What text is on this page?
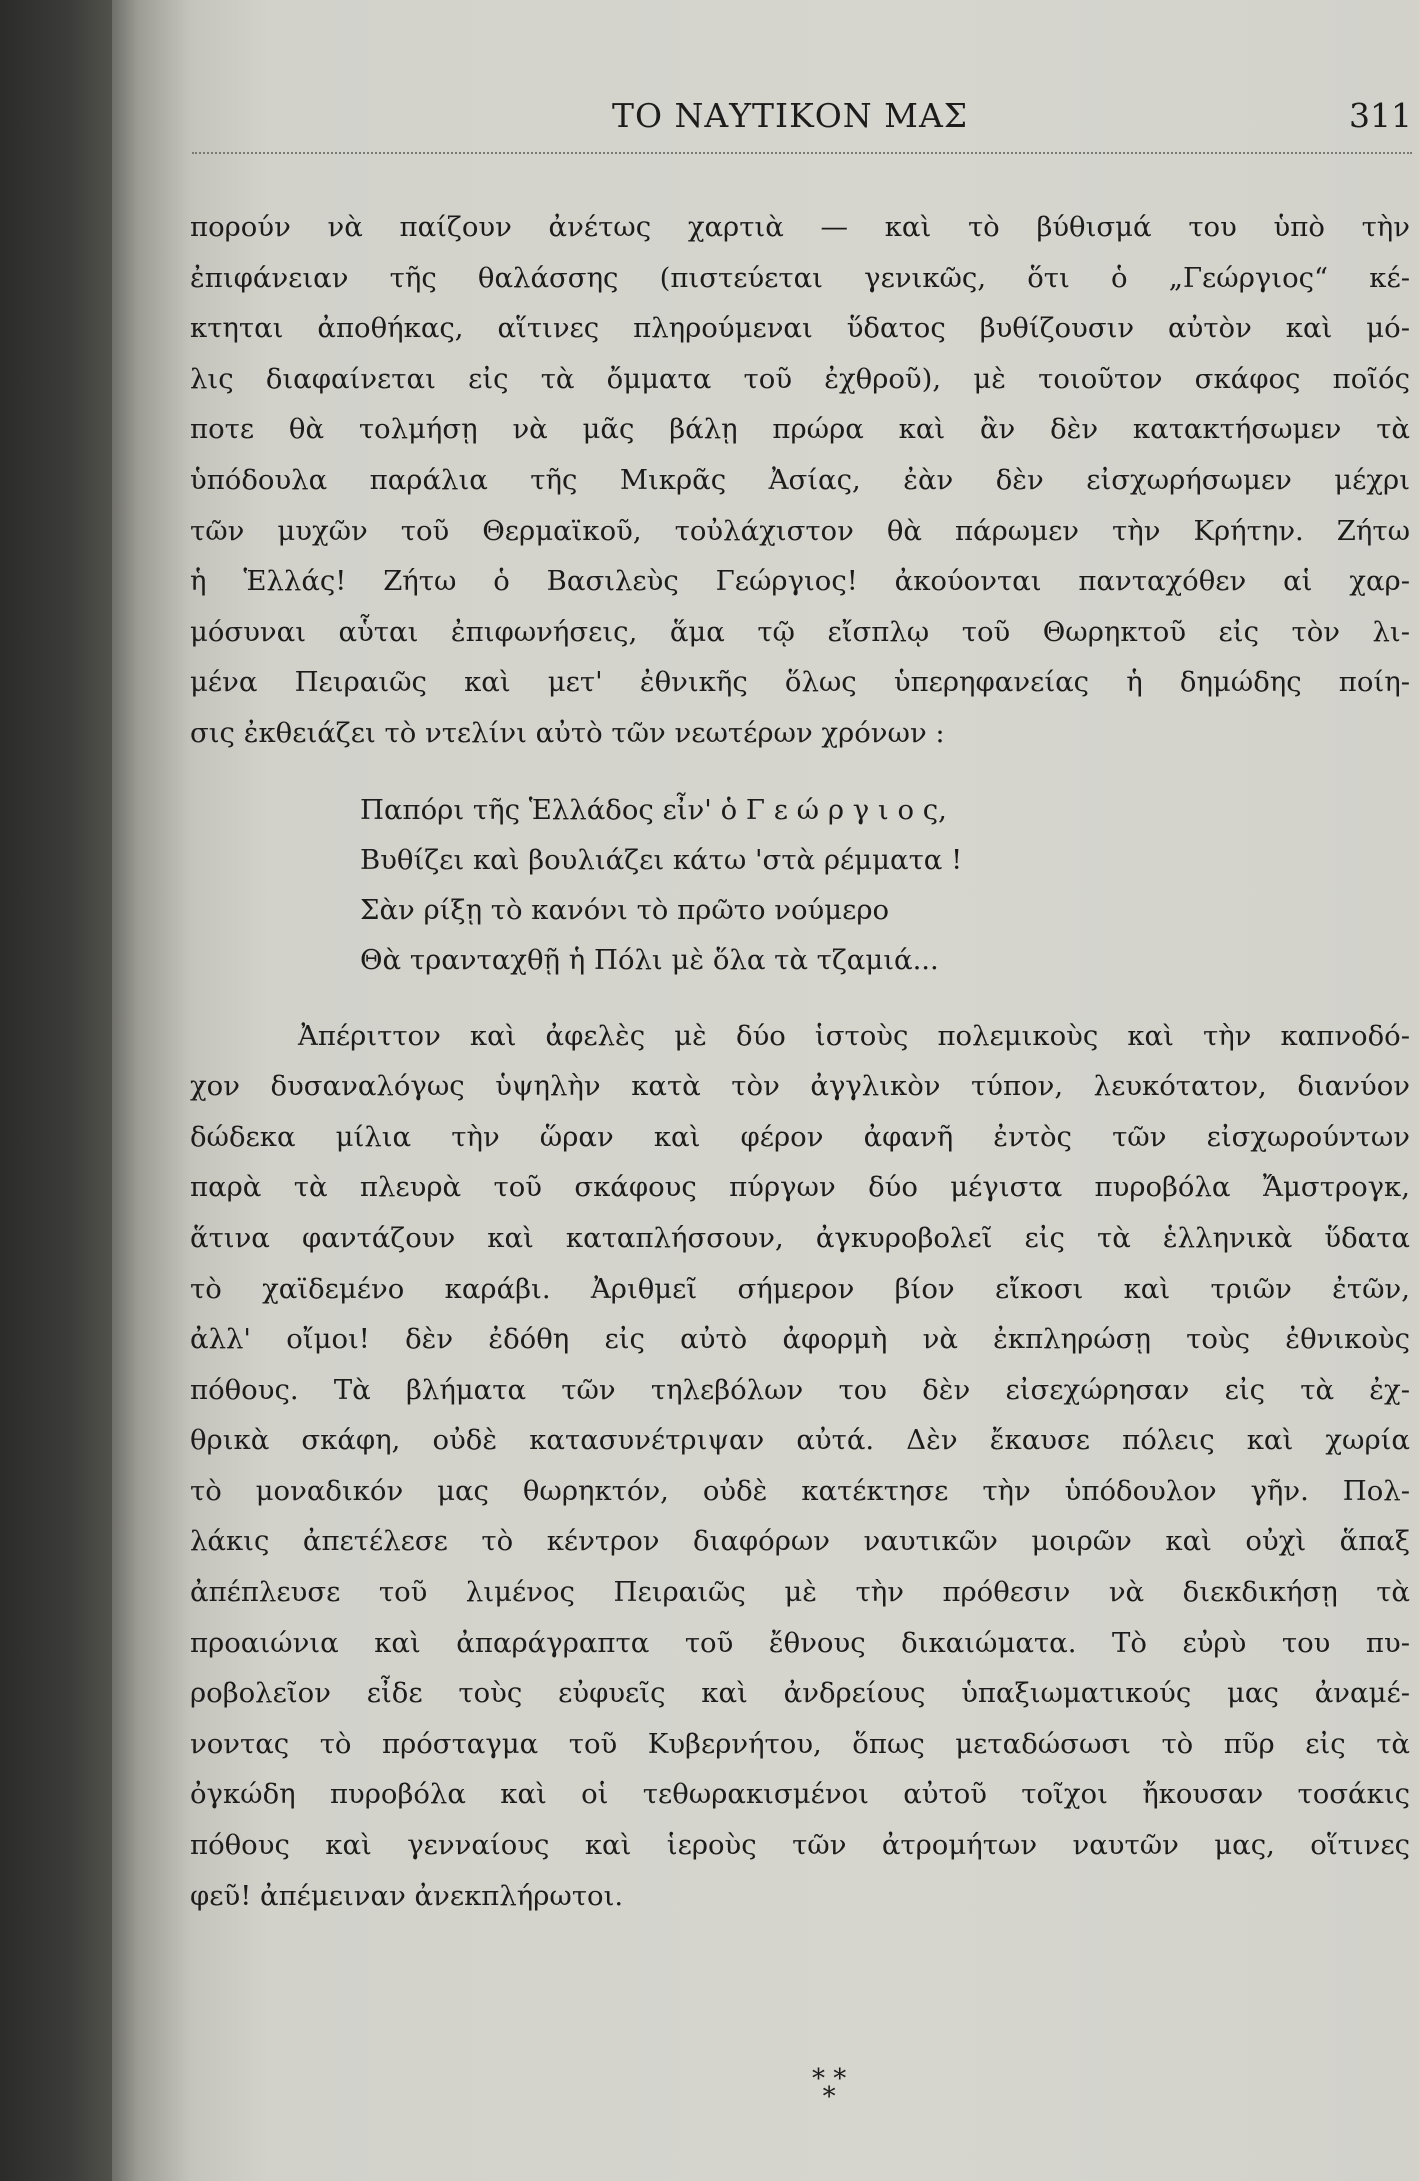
ΤΟ ΝΑΥΤΙΚΟΝ ΜΑΣ	311
πορούν νὰ παίζουν ἀνέτως χαρτιὰ — καὶ τὸ βύθισμά του ὑπὸ τὴν
ἐπιφάνειαν τῆς θαλάσσης (πιστεύεται γενικῶς, ὅτι ὁ „Γεώργιος“ κέ-
κτηται ἀποθήκας, αἵτινες πληρούμεναι ὕδατος βυθίζουσιν αὐτὸν καὶ μό-
λις διαφαίνεται εἰς τὰ ὄμματα τοῦ ἐχθροῦ), μὲ τοιοῦτον σκάφος ποῖός
ποτε θὰ τολμήσῃ νὰ μᾶς βάλῃ πρώρα καὶ ἂν δὲν κατακτήσωμεν τὰ
ὑπόδουλα παράλια τῆς Μικρᾶς Ἀσίας, ἐὰν δὲν εἰσχωρήσωμεν μέχρι
τῶν μυχῶν τοῦ Θερμαϊκοῦ, τοὐλάχιστον θὰ πάρωμεν τὴν Κρήτην. Ζήτω
ἡ Ἑλλάς! Ζήτω ὁ Βασιλεὺς Γεώργιος! ἀκούονται πανταχόθεν αἱ χαρ-
μόσυναι αὗται ἐπιφωνήσεις, ἅμα τῷ εἴσπλῳ τοῦ Θωρηκτοῦ εἰς τὸν λι-
μένα Πειραιῶς καὶ μετ' ἐθνικῆς ὅλως ὑπερηφανείας ἡ δημώδης ποίη-
σις ἐκθειάζει τὸ ντελίνι αὐτὸ τῶν νεωτέρων χρόνων :
Παπόρι τῆς Ἑλλάδος εἶν' ὁ Γ ε ώ ρ γ ι ο ς,
Βυθίζει καὶ βουλιάζει κάτω 'στὰ ρέμματα !
Σὰν ρίξῃ τὸ κανόνι τὸ πρῶτο νούμερο
Θὰ τρανταχθῇ ἡ Πόλι μὲ ὅλα τὰ τζαμιά...
Ἀπέριττον καὶ ἀφελὲς μὲ δύο ἱστοὺς πολεμικοὺς καὶ τὴν καπνοδό-
χον δυσαναλόγως ὑψηλὴν κατὰ τὸν ἀγγλικὸν τύπον, λευκότατον, διανύον
δώδεκα μίλια τὴν ὥραν καὶ φέρον ἀφανῆ ἐντὸς τῶν εἰσχωρούντων
παρὰ τὰ πλευρὰ τοῦ σκάφους πύργων δύο μέγιστα πυροβόλα Ἄμστρογκ,
ἅτινα φαντάζουν καὶ καταπλήσσουν, ἀγκυροβολεῖ εἰς τὰ ἑλληνικὰ ὕδατα
τὸ χαϊδεμένο καράβι. Ἀριθμεῖ σήμερον βίον εἴκοσι καὶ τριῶν ἐτῶν,
ἀλλ' οἴμοι! δὲν ἐδόθη εἰς αὐτὸ ἀφορμὴ νὰ ἐκπληρώσῃ τοὺς ἐθνικοὺς
πόθους. Τὰ βλήματα τῶν τηλεβόλων του δὲν εἰσεχώρησαν εἰς τὰ ἐχ-
θρικὰ σκάφη, οὐδὲ κατασυνέτριψαν αὐτά. Δὲν ἔκαυσε πόλεις καὶ χωρία
τὸ μοναδικόν μας θωρηκτόν, οὐδὲ κατέκτησε τὴν ὑπόδουλον γῆν. Πολ-
λάκις ἀπετέλεσε τὸ κέντρον διαφόρων ναυτικῶν μοιρῶν καὶ οὐχὶ ἅπαξ
ἀπέπλευσε τοῦ λιμένος Πειραιῶς μὲ τὴν πρόθεσιν νὰ διεκδικήσῃ τὰ
προαιώνια καὶ ἀπαράγραπτα τοῦ ἔθνους δικαιώματα. Τὸ εὐρὺ του πυ-
ροβολεῖον εἶδε τοὺς εὐφυεῖς καὶ ἀνδρείους ὑπαξιωματικούς μας ἀναμέ-
νοντας τὸ πρόσταγμα τοῦ Κυβερνήτου, ὅπως μεταδώσωσι τὸ πῦρ εἰς τὰ
ὀγκώδη πυροβόλα καὶ οἱ τεθωρακισμένοι αὐτοῦ τοῖχοι ἤκουσαν τοσάκις
πόθους καὶ γενναίους καὶ ἱεροὺς τῶν ἀτρομήτων ναυτῶν μας, οἵτινες
φεῦ! ἀπέμειναν ἀνεκπλήρωτοι.
* *
*
